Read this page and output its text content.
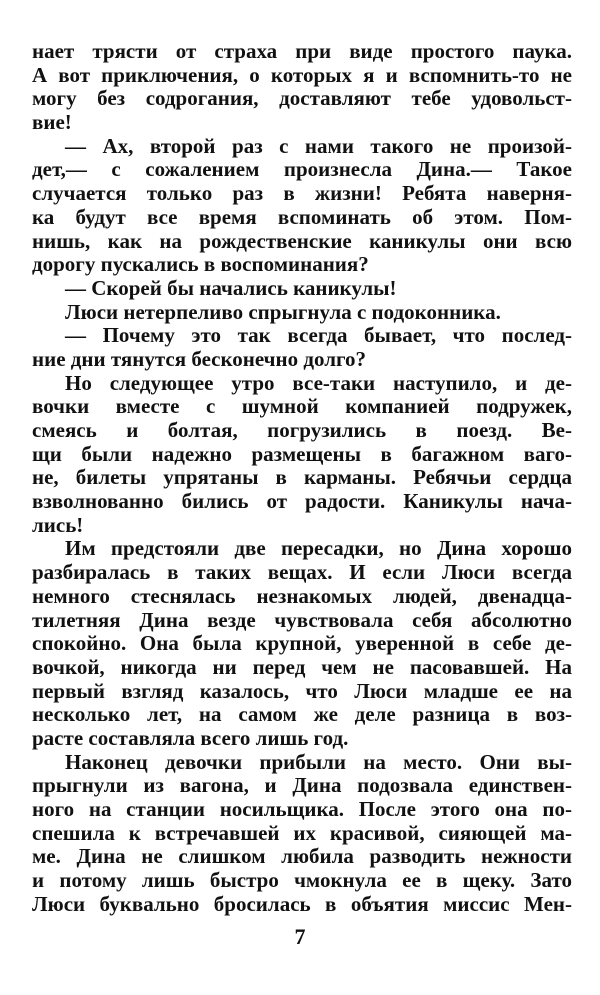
нает трясти от страха при виде простого паука.
А вот приключения, о которых я и вспомнить-то не
могу без содрогания, доставляют тебе удовольст-
вие!
— Ах, второй раз с нами такого не произой-
дет,— с сожалением произнесла Дина.— Такое
случается только раз в жизни! Ребята наверня-
ка будут все время вспоминать об этом. Пом-
нишь, как на рождественские каникулы они всю
дорогу пускались в воспоминания?
— Скорей бы начались каникулы!
Люси нетерпеливо спрыгнула с подоконника.
— Почему это так всегда бывает, что послед-
ние дни тянутся бесконечно долго?
Но следующее утро все-таки наступило, и де-
вочки вместе с шумной компанией подружек,
смеясь и болтая, погрузились в поезд. Ве-
щи были надежно размещены в багажном ваго-
не, билеты упрятаны в карманы. Ребячьи сердца
взволнованно бились от радости. Каникулы нача-
лись!
Им предстояли две пересадки, но Дина хорошо
разбиралась в таких вещах. И если Люси всегда
немного стеснялась незнакомых людей, двенадца-
тилетняя Дина везде чувствовала себя абсолютно
спокойно. Она была крупной, уверенной в себе де-
вочкой, никогда ни перед чем не пасовавшей. На
первый взгляд казалось, что Люси младше ее на
несколько лет, на самом же деле разница в воз-
расте составляла всего лишь год.
Наконец девочки прибыли на место. Они вы-
прыгнули из вагона, и Дина подозвала единствен-
ного на станции носильщика. После этого она по-
спешила к встречавшей их красивой, сияющей ма-
ме. Дина не слишком любила разводить нежности
и потому лишь быстро чмокнула ее в щеку. Зато
Люси буквально бросилась в объятия миссис Мен-
7
